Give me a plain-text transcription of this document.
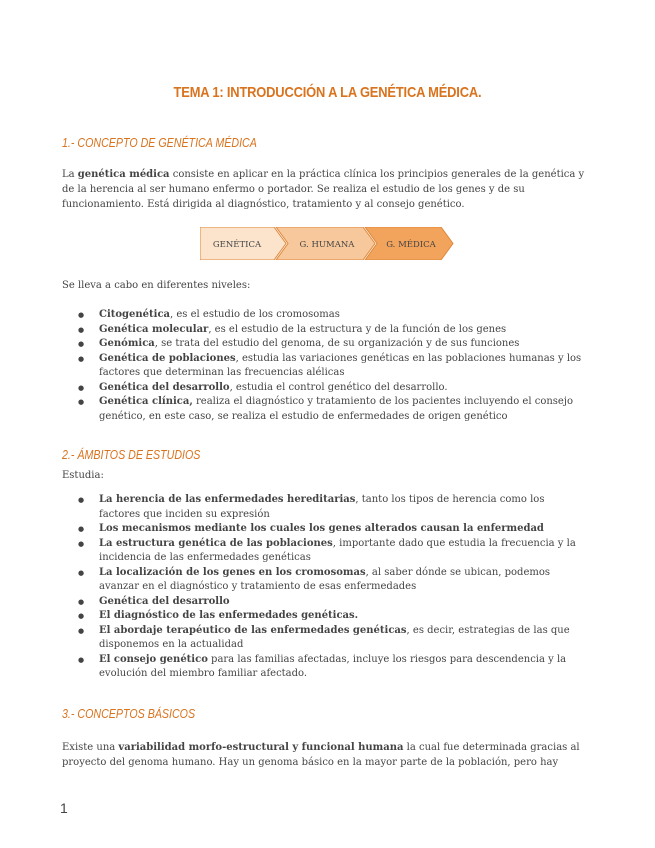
TEMA 1: INTRODUCCIÓN A LA GENÉTICA MÉDICA.
1.- CONCEPTO DE GENÉTICA MÉDICA
La genética médica consiste en aplicar en la práctica clínica los principios generales de la genética y de la herencia al ser humano enfermo o portador. Se realiza el estudio de los genes y de su funcionamiento. Está dirigida al diagnóstico, tratamiento y al consejo genético.
GENÉTICA	G. HUMANA	G. MÉDICA
Se lleva a cabo en diferentes niveles:
● Citogenética, es el estudio de los cromosomas
● Genética molecular, es el estudio de la estructura y de la función de los genes
● Genómica, se trata del estudio del genoma, de su organización y de sus funciones
● Genética de poblaciones, estudia las variaciones genéticas en las poblaciones humanas y los factores que determinan las frecuencias alélicas
● Genética del desarrollo, estudia el control genético del desarrollo.
● Genética clínica, realiza el diagnóstico y tratamiento de los pacientes incluyendo el consejo genético, en este caso, se realiza el estudio de enfermedades de origen genético
2.- ÁMBITOS DE ESTUDIOS
Estudia:
● La herencia de las enfermedades hereditarias, tanto los tipos de herencia como los factores que inciden su expresión
● Los mecanismos mediante los cuales los genes alterados causan la enfermedad
● La estructura genética de las poblaciones, importante dado que estudia la frecuencia y la incidencia de las enfermedades genéticas
● La localización de los genes en los cromosomas, al saber dónde se ubican, podemos avanzar en el diagnóstico y tratamiento de esas enfermedades
● Genética del desarrollo
● El diagnóstico de las enfermedades genéticas.
● El abordaje terapéutico de las enfermedades genéticas, es decir, estrategias de las que disponemos en la actualidad
● El consejo genético para las familias afectadas, incluye los riesgos para descendencia y la evolución del miembro familiar afectado.
3.- CONCEPTOS BÁSICOS
Existe una variabilidad morfo-estructural y funcional humana la cual fue determinada gracias al proyecto del genoma humano. Hay un genoma básico en la mayor parte de la población, pero hay
1
